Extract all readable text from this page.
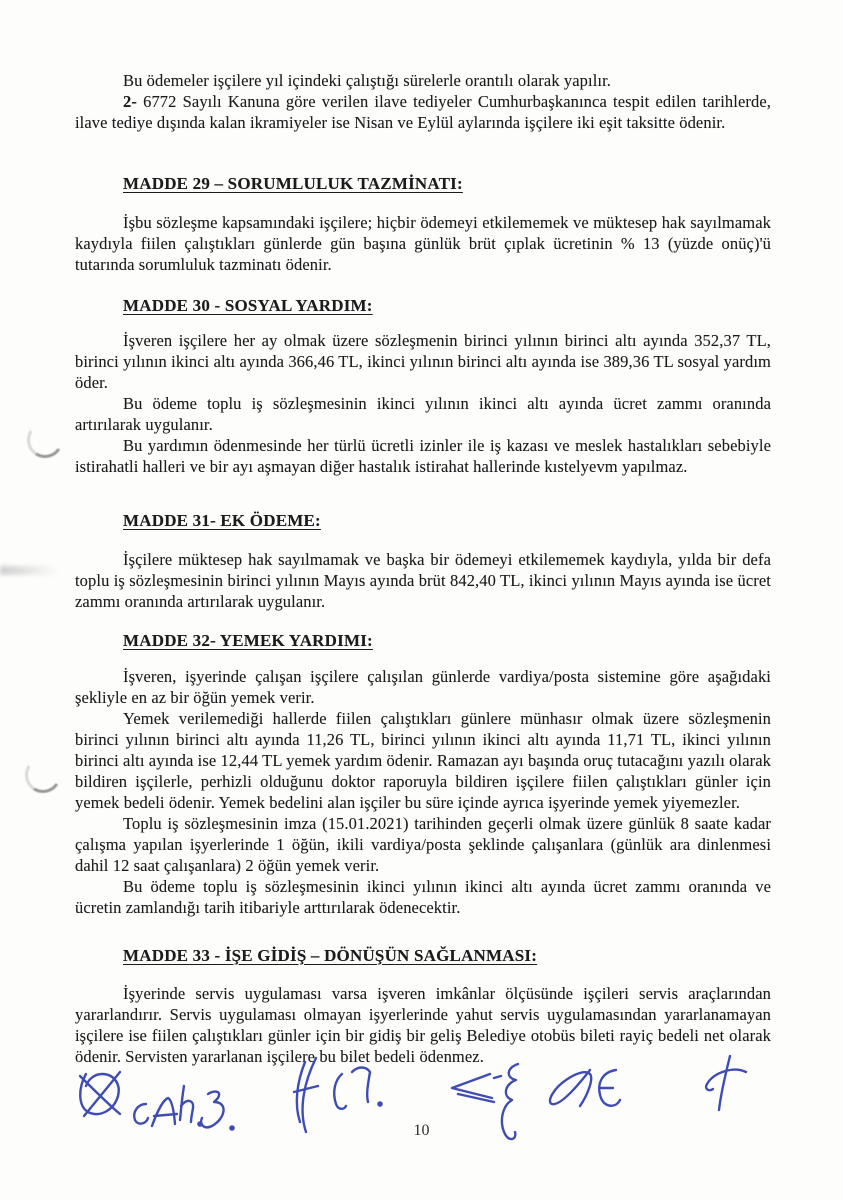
Bu ödemeler işçilere yıl içindeki çalıştığı sürelerle orantılı olarak yapılır.

2- 6772 Sayılı Kanuna göre verilen ilave tediyeler Cumhurbaşkanınca tespit edilen tarihlerde, ilave tediye dışında kalan ikramiyeler ise Nisan ve Eylül aylarında işçilere iki eşit taksitte ödenir.

MADDE 29 – SORUMLULUK TAZMİNATI:

İşbu sözleşme kapsamındaki işçilere; hiçbir ödemeyi etkilememek ve müktesep hak sayılmamak kaydıyla fiilen çalıştıkları günlerde gün başına günlük brüt çıplak ücretinin % 13 (yüzde onüç)'ü tutarında sorumluluk tazminatı ödenir.

MADDE 30 - SOSYAL YARDIM:

İşveren işçilere her ay olmak üzere sözleşmenin birinci yılının birinci altı ayında 352,37 TL, birinci yılının ikinci altı ayında 366,46 TL, ikinci yılının birinci altı ayında ise 389,36 TL sosyal yardım öder.

Bu ödeme toplu iş sözleşmesinin ikinci yılının ikinci altı ayında ücret zammı oranında artırılarak uygulanır.

Bu yardımın ödenmesinde her türlü ücretli izinler ile iş kazası ve meslek hastalıkları sebebiyle istirahatli halleri ve bir ayı aşmayan diğer hastalık istirahat hallerinde kıstelyevm yapılmaz.

MADDE 31- EK ÖDEME:

İşçilere müktesep hak sayılmamak ve başka bir ödemeyi etkilememek kaydıyla, yılda bir defa toplu iş sözleşmesinin birinci yılının Mayıs ayında brüt 842,40 TL, ikinci yılının Mayıs ayında ise ücret zammı oranında artırılarak uygulanır.

MADDE 32- YEMEK YARDIMI:

İşveren, işyerinde çalışan işçilere çalışılan günlerde vardiya/posta sistemine göre aşağıdaki şekliyle en az bir öğün yemek verir.

Yemek verilemediği hallerde fiilen çalıştıkları günlere münhasır olmak üzere sözleşmenin birinci yılının birinci altı ayında 11,26 TL, birinci yılının ikinci altı ayında 11,71 TL, ikinci yılının birinci altı ayında ise 12,44 TL yemek yardım ödenir. Ramazan ayı başında oruç tutacağını yazılı olarak bildiren işçilerle, perhizli olduğunu doktor raporuyla bildiren işçilere fiilen çalıştıkları günler için yemek bedeli ödenir. Yemek bedelini alan işçiler bu süre içinde ayrıca işyerinde yemek yiyemezler.

Toplu iş sözleşmesinin imza (15.01.2021) tarihinden geçerli olmak üzere günlük 8 saate kadar çalışma yapılan işyerlerinde 1 öğün, ikili vardiya/posta şeklinde çalışanlara (günlük ara dinlenmesi dahil 12 saat çalışanlara) 2 öğün yemek verir.

Bu ödeme toplu iş sözleşmesinin ikinci yılının ikinci altı ayında ücret zammı oranında ve ücretin zamlandığı tarih itibariyle arttırılarak ödenecektir.

MADDE 33 - İŞE GİDİŞ – DÖNÜŞÜN SAĞLANMASI:

İşyerinde servis uygulaması varsa işveren imkânlar ölçüsünde işçileri servis araçlarından yararlandırır. Servis uygulaması olmayan işyerlerinde yahut servis uygulamasından yararlanamayan işçilere ise fiilen çalıştıkları günler için bir gidiş bir geliş Belediye otobüs bileti rayiç bedeli net olarak ödenir. Servisten yararlanan işçilere bu bilet bedeli ödenmez.

10
